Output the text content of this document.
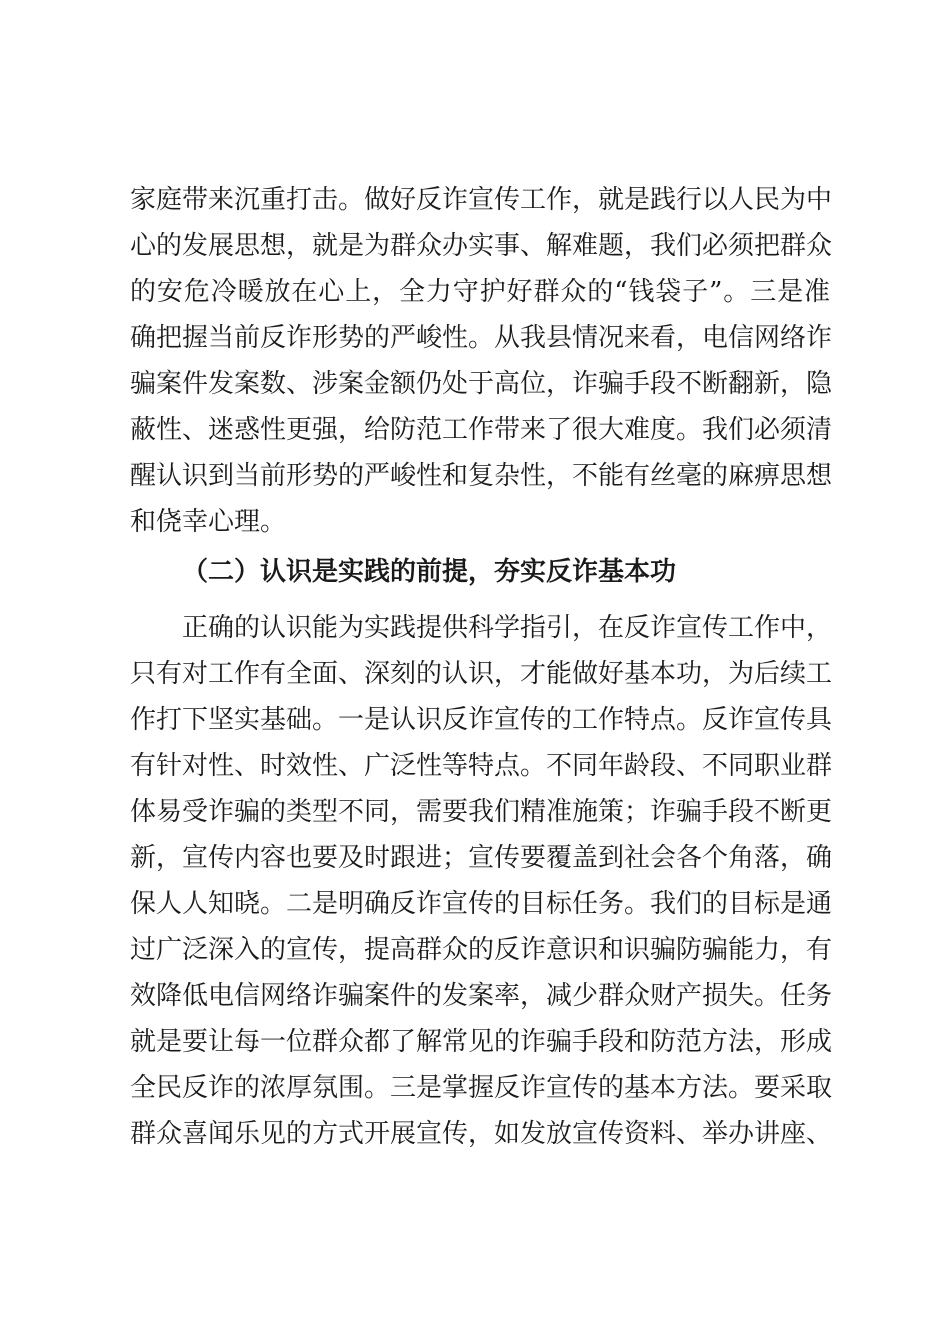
家庭带来沉重打击。做好反诈宣传工作，就是践行以人民为中
心的发展思想，就是为群众办实事、解难题，我们必须把群众
的安危冷暖放在心上，全力守护好群众的“钱袋子”。三是准
确把握当前反诈形势的严峻性。从我县情况来看，电信网络诈
骗案件发案数、涉案金额仍处于高位，诈骗手段不断翻新，隐
蔽性、迷惑性更强，给防范工作带来了很大难度。我们必须清
醒认识到当前形势的严峻性和复杂性，不能有丝毫的麻痹思想
和侥幸心理。
（二）认识是实践的前提，夯实反诈基本功
正确的认识能为实践提供科学指引，在反诈宣传工作中，
只有对工作有全面、深刻的认识，才能做好基本功，为后续工
作打下坚实基础。一是认识反诈宣传的工作特点。反诈宣传具
有针对性、时效性、广泛性等特点。不同年龄段、不同职业群
体易受诈骗的类型不同，需要我们精准施策；诈骗手段不断更
新，宣传内容也要及时跟进；宣传要覆盖到社会各个角落，确
保人人知晓。二是明确反诈宣传的目标任务。我们的目标是通
过广泛深入的宣传，提高群众的反诈意识和识骗防骗能力，有
效降低电信网络诈骗案件的发案率，减少群众财产损失。任务
就是要让每一位群众都了解常见的诈骗手段和防范方法，形成
全民反诈的浓厚氛围。三是掌握反诈宣传的基本方法。要采取
群众喜闻乐见的方式开展宣传，如发放宣传资料、举办讲座、
